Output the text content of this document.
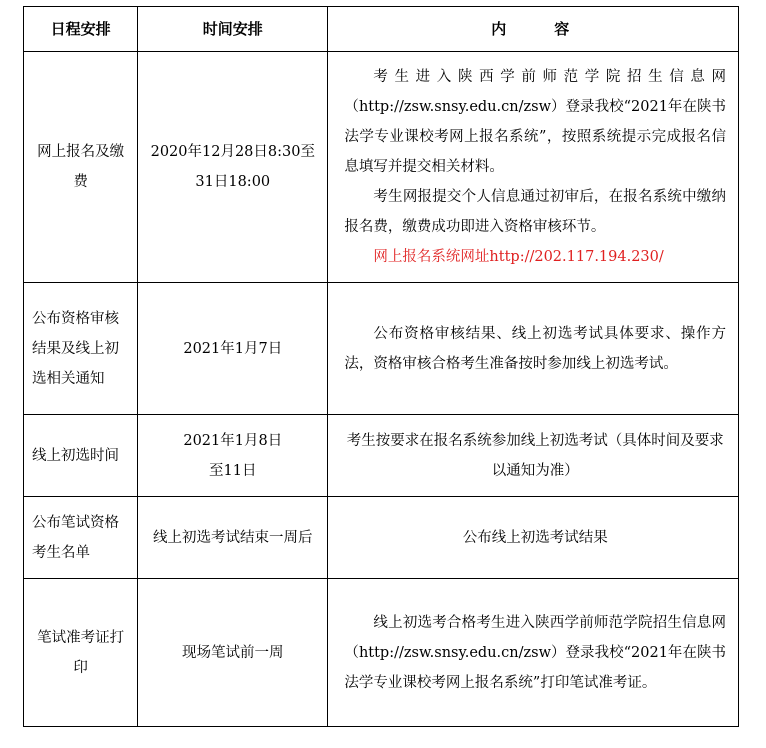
日程安排	时间安排	内　　容
网上报名及缴费	2020年12月28日8:30至31日18:00	考生进入陕西学前师范学院招生信息网（http://zsw.snsy.edu.cn/zsw）登录我校“2021年在陕书法学专业课校考网上报名系统”，按照系统提示完成报名信息填写并提交相关材料。

考生网报提交个人信息通过初审后，在报名系统中缴纳报名费，缴费成功即进入资格审核环节。

网上报名系统网址http://202.117.194.230/

公布资格审核结果及线上初选相关通知	2021年1月7日	公布资格审核结果、线上初选考试具体要求、操作方法，资格审核合格考生准备按时参加线上初选考试。

线上初选时间	2021年1月8日至11日	考生按要求在报名系统参加线上初选考试（具体时间及要求以通知为准）

公布笔试资格考生名单	线上初选考试结束一周后	公布线上初选考试结果

笔试准考证打印	现场笔试前一周	线上初选考合格考生进入陕西学前师范学院招生信息网（http://zsw.snsy.edu.cn/zsw）登录我校“2021年在陕书法学专业课校考网上报名系统”打印笔试准考证。
